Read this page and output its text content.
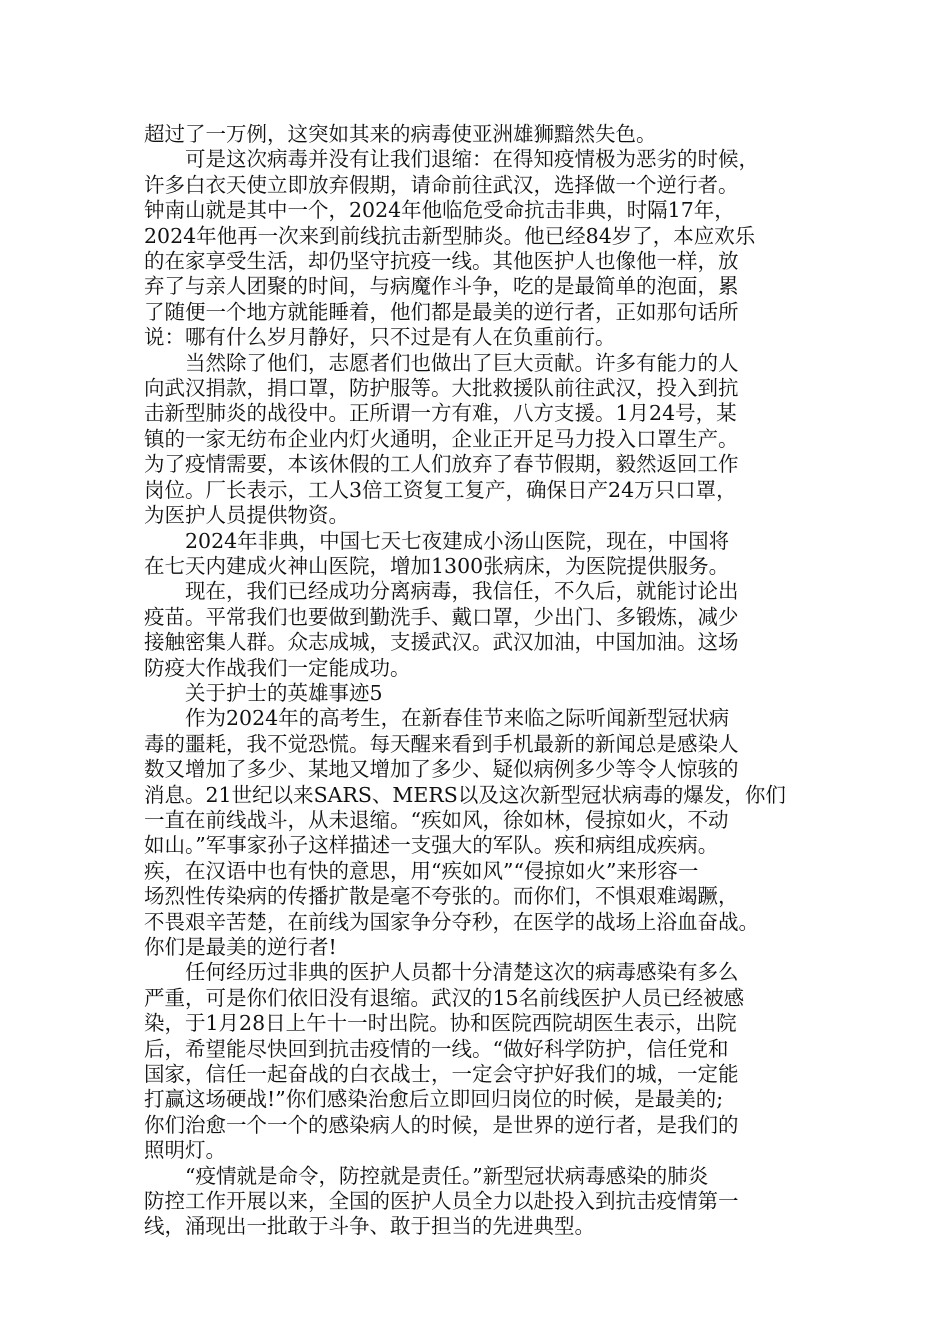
超过了一万例，这突如其来的病毒使亚洲雄狮黯然失色。
　　可是这次病毒并没有让我们退缩：在得知疫情极为恶劣的时候，
许多白衣天使立即放弃假期，请命前往武汉，选择做一个逆行者。
钟南山就是其中一个，2024年他临危受命抗击非典，时隔17年，
2024年他再一次来到前线抗击新型肺炎。他已经84岁了，本应欢乐
的在家享受生活，却仍坚守抗疫一线。其他医护人也像他一样，放
弃了与亲人团聚的时间，与病魔作斗争，吃的是最简单的泡面，累
了随便一个地方就能睡着，他们都是最美的逆行者，正如那句话所
说：哪有什么岁月静好，只不过是有人在负重前行。
　　当然除了他们，志愿者们也做出了巨大贡献。许多有能力的人
向武汉捐款，捐口罩，防护服等。大批救援队前往武汉，投入到抗
击新型肺炎的战役中。正所谓一方有难，八方支援。1月24号，某
镇的一家无纺布企业内灯火通明，企业正开足马力投入口罩生产。
为了疫情需要，本该休假的工人们放弃了春节假期，毅然返回工作
岗位。厂长表示，工人3倍工资复工复产，确保日产24万只口罩，
为医护人员提供物资。
　　2024年非典，中国七天七夜建成小汤山医院，现在，中国将
在七天内建成火神山医院，增加1300张病床，为医院提供服务。
　　现在，我们已经成功分离病毒，我信任，不久后，就能讨论出
疫苗。平常我们也要做到勤洗手、戴口罩，少出门、多锻炼，减少
接触密集人群。众志成城，支援武汉。武汉加油，中国加油。这场
防疫大作战我们一定能成功。
　　关于护士的英雄事迹5
　　作为2024年的高考生，在新春佳节来临之际听闻新型冠状病
毒的噩耗，我不觉恐慌。每天醒来看到手机最新的新闻总是感染人
数又增加了多少、某地又增加了多少、疑似病例多少等令人惊骇的
消息。21世纪以来SARS、MERS以及这次新型冠状病毒的爆发，你们
一直在前线战斗，从未退缩。“疾如风，徐如林，侵掠如火，不动
如山。”军事家孙子这样描述一支强大的军队。疾和病组成疾病。
疾，在汉语中也有快的意思，用“疾如风”“侵掠如火”来形容一
场烈性传染病的传播扩散是毫不夸张的。而你们，不惧艰难竭蹶，
不畏艰辛苦楚，在前线为国家争分夺秒，在医学的战场上浴血奋战。
你们是最美的逆行者!
　　任何经历过非典的医护人员都十分清楚这次的病毒感染有多么
严重，可是你们依旧没有退缩。武汉的15名前线医护人员已经被感
染，于1月28日上午十一时出院。协和医院西院胡医生表示，出院
后，希望能尽快回到抗击疫情的一线。“做好科学防护，信任党和
国家，信任一起奋战的白衣战士，一定会守护好我们的城，一定能
打赢这场硬战!”你们感染治愈后立即回归岗位的时候，是最美的;
你们治愈一个一个的感染病人的时候，是世界的逆行者，是我们的
照明灯。
　　“疫情就是命令，防控就是责任。”新型冠状病毒感染的肺炎
防控工作开展以来，全国的医护人员全力以赴投入到抗击疫情第一
线，涌现出一批敢于斗争、敢于担当的先进典型。
